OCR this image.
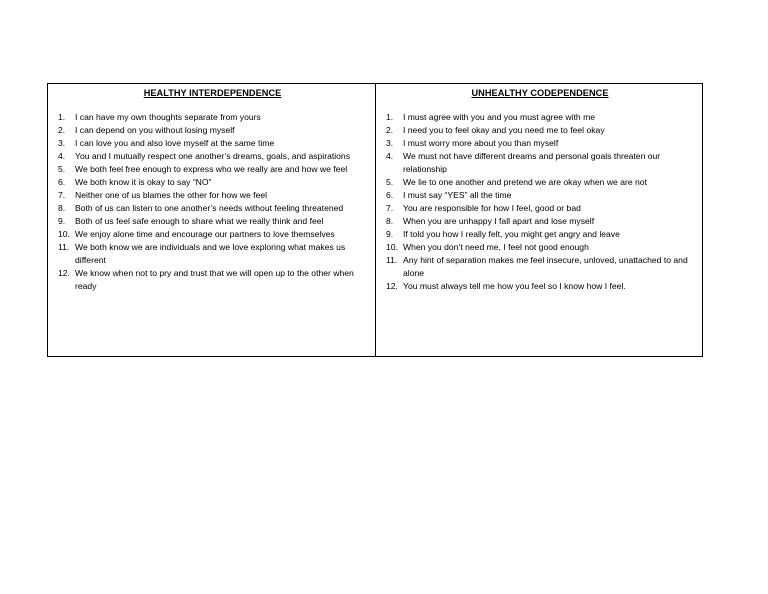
HEALTHY INTERDEPENDENCE
1.	I can have my own thoughts separate from yours
2.	I can depend on you without losing myself
3.	I can love you and also love myself at the same time
4.	You and I mutually respect one another’s dreams, goals, and aspirations
5.	We both feel free enough to express who we really are and how we feel
6.	We both know it is okay to say “NO”
7.	Neither one of us blames the other for how we feel
8.	Both of us can listen to one another’s needs without feeling threatened
9.	Both of us feel safe enough to share what we really think and feel
10. We enjoy alone time and encourage our partners to love themselves
11. We both know we are individuals and we love exploring what makes us different
12. We know when not to pry and trust that we will open up to the other when ready
UNHEALTHY CODEPENDENCE
1.	I must agree with you and you must agree with me
2.	I need you to feel okay and you need me to feel okay
3.	I must worry more about you than myself
4.	We must not have different dreams and personal goals threaten our relationship
5.	We lie to one another and pretend we are okay when we are not
6.	I must say “YES” all the time
7.	You are responsible for how I feel, good or bad
8.	When you are unhappy I fall apart and lose myself
9.	If told you how I really felt, you might get angry and leave
10. When you don’t need me, I feel not good enough
11. Any hint of separation makes me feel insecure, unloved, unattached to and alone
12. You must always tell me how you feel so I know how I feel.
